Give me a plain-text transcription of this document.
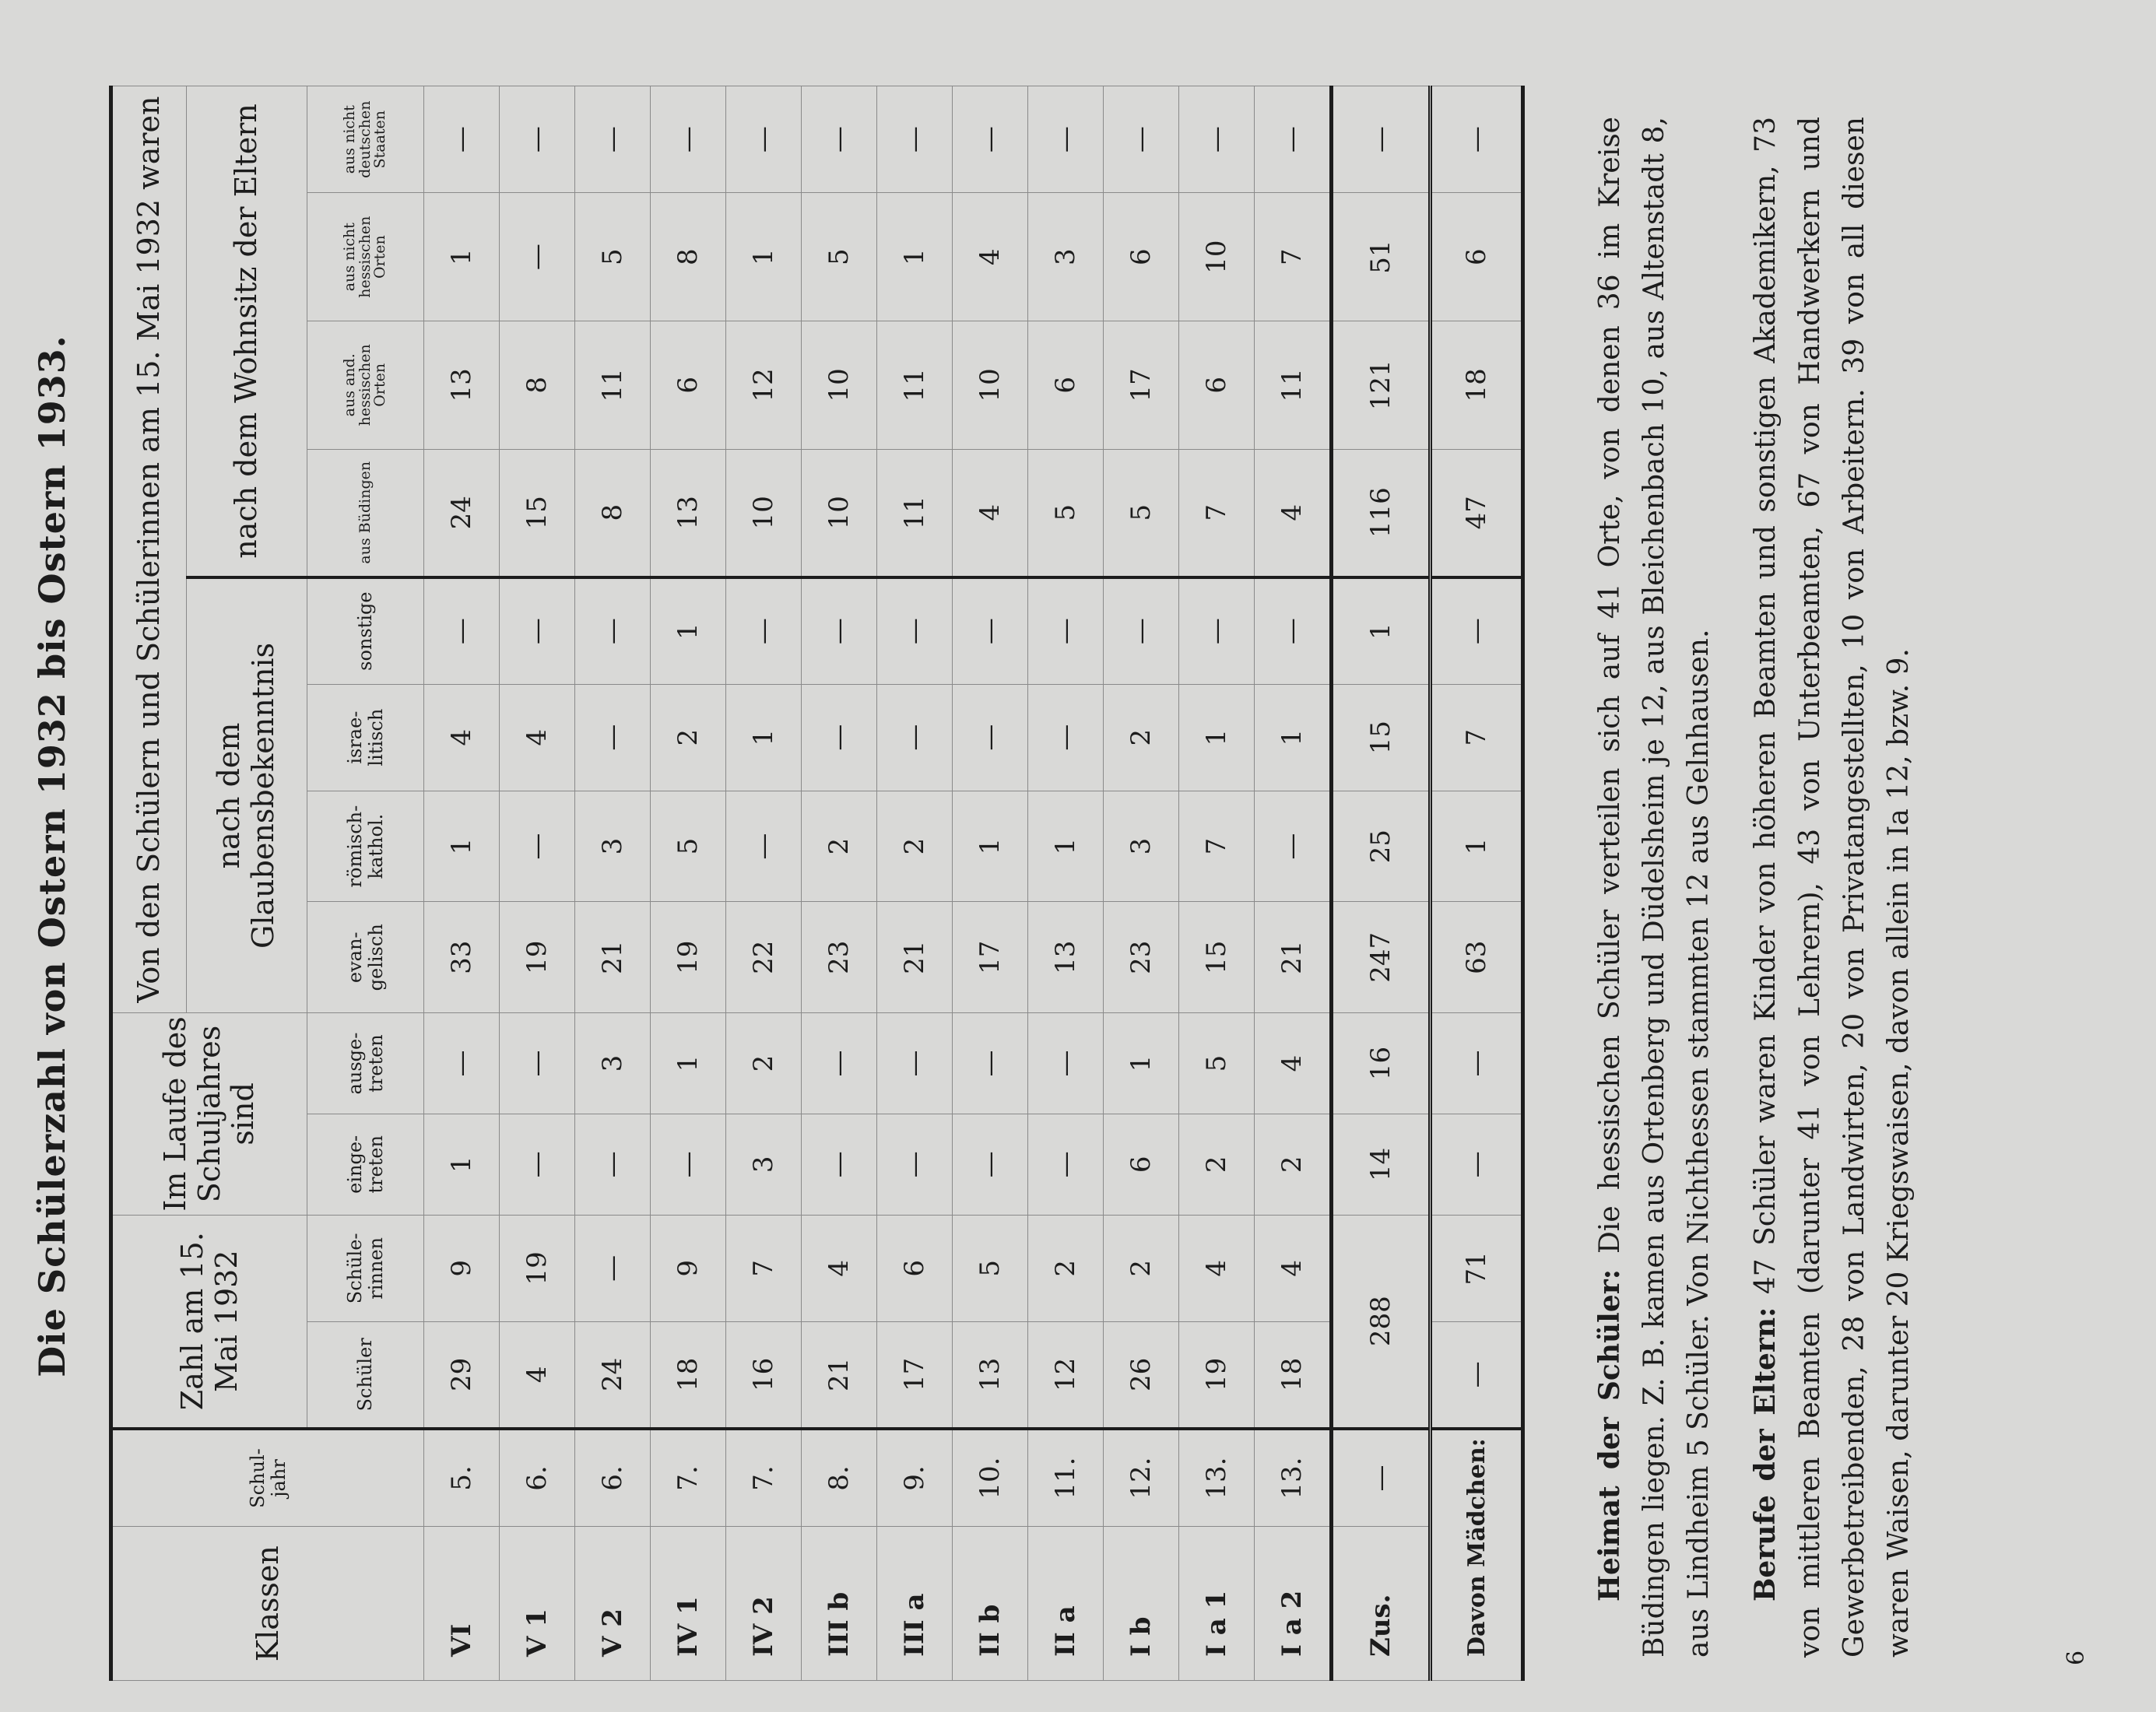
Die Schülerzahl von Ostern 1932 bis Ostern 1933.
Klassen	Schul-jahr	Zahl am 15. Mai 1932		Im Laufe des Schuljahres sind		Von den Schülern und Schülerinnen am 15. Mai 1932 waren							
						nach dem Glaubensbekenntnis				nach dem Wohnsitz der Eltern			
		Schüler	Schüle-rinnen	einge-treten	ausge-treten	evan-gelisch	römisch-kathol.	israe-litisch	sonstige	aus Büdingen	aus and. hessischen Orten	aus nicht hessischen Orten	aus nicht deutschen Staaten
VI	5.	29	9	1	—	33	1	4	—	24	13	1	—
V 1	6.	4	19	—	—	19	—	4	—	15	8	—	—
V 2	6.	24	—	—	3	21	3	—	—	8	11	5	—
IV 1	7.	18	9	—	1	19	5	2	1	13	6	8	—
IV 2	7.	16	7	3	2	22	—	1	—	10	12	1	—
III b	8.	21	4	—	—	23	2	—	—	10	10	5	—
III a	9.	17	6	—	—	21	2	—	—	11	11	1	—
II b	10.	13	5	—	—	17	1	—	—	4	10	4	—
II a	11.	12	2	—	—	13	1	—	—	5	6	3	—
I b	12.	26	2	6	1	23	3	2	—	5	17	6	—
I a 1	13.	19	4	2	5	15	7	1	—	7	6	10	—
I a 2	13.	18	4	2	4	21	—	1	—	4	11	7	—
Zus.	—	288		14	16	247	25	15	1	116	121	51	—
Davon Mädchen:		—	71	—	—	63	1	7	—	47	18	6	—
  Heimat der Schüler: Die hessischen Schüler verteilen sich auf 41 Orte, von denen 36 im Kreise Büdingen liegen. Z. B. kamen aus Ortenberg und Düdelsheim je 12, aus Bleichenbach 10, aus Altenstadt 8, aus Lindheim 5 Schüler. Von Nichthessen stammten 12 aus Gelnhausen.
   Berufe der Eltern: 47 Schüler waren Kinder von höheren Beamten und sonstigen Akademikern, 73 von mittleren Beamten (darunter 41 von Lehrern), 43 von Unterbeamten, 67 von Handwerkern und Gewerbetreibenden, 28 von Landwirten, 20 von Privatangestellten, 10 von Arbeitern. 39 von all diesen waren Waisen, darunter 20 Kriegswaisen, davon allein in Ia 12, bzw. 9.
6
